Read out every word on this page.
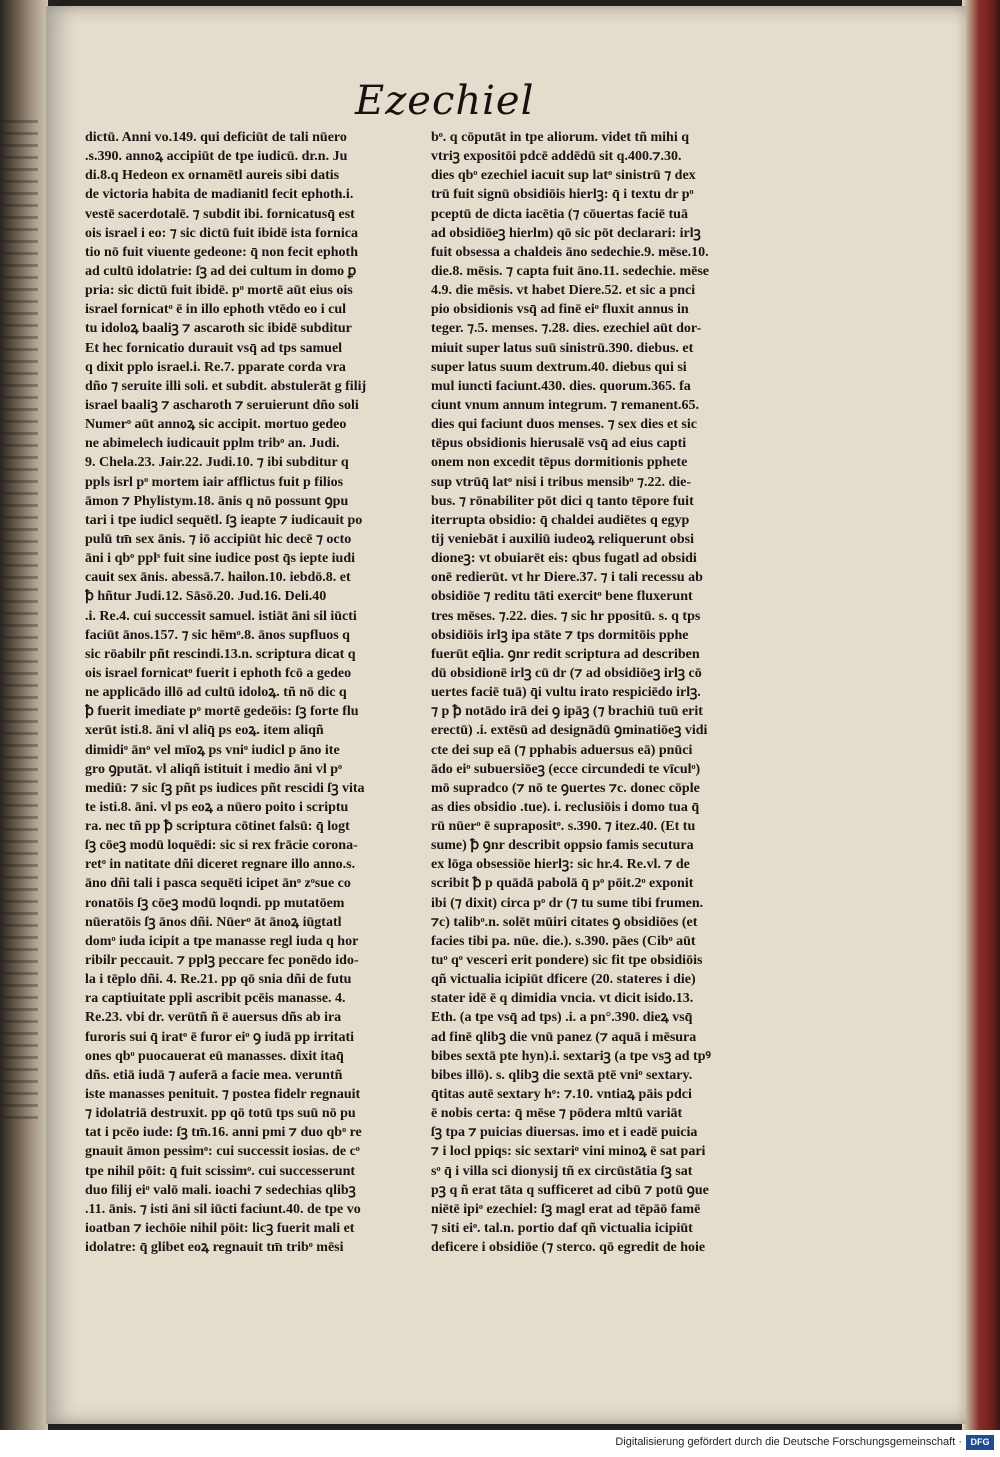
Ezechiel
dictū. Anni vo.149. qui deficiūt de tali nūero
.s.390. annoꝝ accipiūt de tpe iudicū. dr.n. Ju
di.8.q Hedeon ex ornamētl aureis sibi datis
de victoria habita de madianitl fecit ephoth.i.
vestē sacerdotalē. ⁊ subdit ibi. fornicatusq̄ est
ois israel i eo: ⁊ sic dictū fuit ibidē ista fornica
tio nō fuit viuente gedeone: q̄ non fecit ephoth
ad cultū idolatrie: ſꝫ ad dei cultum in domo ꝑ
pria: sic dictū fuit ibidē. pᵒ mortē aūt eius ois
israel fornicatᵒ ē in illo ephoth vtēdo eo i cul
tu idoloꝝ baaliꝫ ⁊ ascaroth sic ibidē subditur
Et hec fornicatio durauit vsq̄ ad tps samuel
q dixit pplo israel.i. Re.7. pparate corda vra
dño ⁊ seruite illi soli. et subdit. abstulerāt g filij
israel baaliꝫ ⁊ ascharoth ⁊ seruierunt dño soli
Numerᵒ aūt annoꝝ sic accipit. mortuo gedeo
ne abimelech iudicauit pplm tribᵒ an. Judi.
9. Chela.23. Jair.22. Judi.10. ⁊ ibi subditur q
ppls isrl pᵒ mortem iair afflictus fuit p filios
āmon ⁊ Phylistym.18. ānis q nō possunt ꝯpu
tari i tpe iudicl sequētl. ſꝫ ieapte ⁊ iudicauit po
pulū tm̄ sex ānis. ⁊ iō accipiūt hic decē ⁊ octo
āni i qbᵒ pplˢ fuit sine iudice post q̄s iepte iudi
cauit sex ānis. abessā.7. hailon.10. iebdō.8. et
ꝥ hñtur Judi.12. Sāsō.20. Jud.16. Deli.40
.i. Re.4. cui successit samuel. istiāt āni sil iūcti
faciūt ānos.157. ⁊ sic hēmᵒ.8. ānos supfluos q
sic rōabilr pñt rescindi.13.n. scriptura dicat q
ois israel fornicatᵒ fuerit i ephoth fcō a gedeo
ne applicādo illō ad cultū idoloꝝ. tñ nō dic q
ꝥ fuerit imediate pᵒ mortē gedeōis: ſꝫ forte flu
xerūt isti.8. āni vl aliq̄ ps eoꝝ. item aliqñ
dimidiᵒ ānᵒ vel mīoꝝ ps vniᵒ iudicl p āno ite
gro ꝯputāt. vl aliqñ istituit i medio āni vl pᵒ
mediū: ⁊ sic ſꝫ pñt ps iudices pñt rescidi ſꝫ vita
te isti.8. āni. vl ps eoꝝ a nūero poito i scriptu
ra. nec tñ pp ꝥ scriptura cōtinet falsū: q̄ logt
ſꝫ cōeꝫ modū loquēdi: sic si rex frācie corona-
retᵒ in natitate dñi diceret regnare illo anno.s.
āno dñi tali i pasca sequēti icipet ānᵒ zᵒsue co
ronatōis ſꝫ cōeꝫ modū loqndi. pp mutatōem
nūeratōis ſꝫ ānos dñi. Nūerᵒ āt ānoꝝ iūgtatl
domᵒ iuda icipit a tpe manasse regl iuda q hor
ribilr peccauit. ⁊ pplꝫ peccare fec ponēdo ido-
la i tēplo dñi. 4. Re.21. pp qō snia dñi de futu
ra captiuitate ppli ascribit pcēis manasse. 4.
Re.23. vbi dr. verūtñ ñ ē auersus dñs ab ira
furoris sui q̄ iratᵒ ē furor eiᵒ ꝯ iudā pp irritati
ones qbᵒ puocauerat eū manasses. dixit itaq̄
dñs. etiā iudā ⁊ auferā a facie mea. veruntñ
iste manasses penituit. ⁊ postea fidelr regnauit
⁊ idolatriā destruxit. pp qō totū tps suū nō pu
tat i pcēo iude: ſꝫ tm̄.16. anni pmi ⁊ duo qbᵒ re
gnauit āmon pessimᵒ: cui successit iosias. de cᵒ
tpe nihil pōit: q̄ fuit scissimᵒ. cui successerunt
duo filij eiᵒ valō mali. ioachi ⁊ sedechias qlibꝫ
.11. ānis. ⁊ isti āni sil iūcti faciunt.40. de tpe vo
ioatban ⁊ iechōie nihil pōit: licꝫ fuerit mali et
idolatre: q̄ glibet eoꝝ regnauit tm̄ tribᵒ mēsi
bᵒ. q cōputāt in tpe aliorum. videt tñ mihi q
vtriꝫ expositōi pdcē addēdū sit q.400.⁊.30.
dies qbᵒ ezechiel iacuit sup latᵒ sinistrū ⁊ dex
trū fuit signū obsidiōis hierlꝫ: q̄ i textu dr pᵒ
pceptū de dicta iacētia (⁊ cōuertas faciē tuā
ad obsidiōeꝫ hierlm) qō sic pōt declarari: irlꝫ
fuit obsessa a chaldeis āno sedechie.9. mēse.10.
die.8. mēsis. ⁊ capta fuit āno.11. sedechie. mēse
4.9. die mēsis. vt habet Diere.52. et sic a pnci
pio obsidionis vsq̄ ad finē eiᵒ fluxit annus in
teger. ⁊.5. menses. ⁊.28. dies. ezechiel aūt dor-
miuit super latus suū sinistrū.390. diebus. et
super latus suum dextrum.40. diebus qui si
mul iuncti faciunt.430. dies. quorum.365. fa
ciunt vnum annum integrum. ⁊ remanent.65.
dies qui faciunt duos menses. ⁊ sex dies et sic
tēpus obsidionis hierusalē vsq̄ ad eius capti
onem non excedit tēpus dormitionis pphete
sup vtrūq̄ latᵒ nisi i tribus mensibᵒ ⁊.22. die-
bus. ⁊ rōnabiliter pōt dici q tanto tēpore fuit
iterrupta obsidio: q̄ chaldei audiētes q egyp
tij veniebāt i auxiliū iudeoꝝ reliquerunt obsi
dioneꝫ: vt obuiarēt eis: qbus fugatl ad obsidi
onē redierūt. vt hr Diere.37. ⁊ i tali recessu ab
obsidiōe ⁊ reditu tāti exercitᵒ bene fluxerunt
tres mēses. ⁊.22. dies. ⁊ sic hr ppositū. s. q tps
obsidiōis irlꝫ ipa stāte ⁊ tps dormitōis pphe
fuerūt eq̄lia. ꝯnr redit scriptura ad describen
dū obsidionē irlꝫ cū dr (⁊ ad obsidiōeꝫ irlꝫ cō
uertes faciē tuā) q̄i vultu irato respiciēdo irlꝫ.
⁊ p ꝥ notādo irā dei ꝯ ipāꝫ (⁊ brachiū tuū erit
erectū) .i. extēsū ad designādū ꝯminatiōeꝫ vidi
cte dei sup eā (⁊ pphabis aduersus eā) pnūci
ādo eiᵒ subuersiōeꝫ (ecce circundedi te vīculᵒ)
mō supradco (⁊ nō te ꝯuertes ⁊c. donec cōple
as dies obsidio .tue). i. reclusiōis i domo tua q̄
rū nūerᵒ ē suprapositᵒ. s.390. ⁊ itez.40. (Et tu
sume) ꝥ ꝯnr describit oppsio famis secutura
ex lōga obsessiōe hierlꝫ: sic hr.4. Re.vl. ⁊ de
scribit ꝥ p quādā pabolā q̄ pᵒ pōit.2ᵒ exponit
ibi (⁊ dixit) circa pᵒ dr (⁊ tu sume tibi frumen.
⁊c) talibᵒ.n. solēt mūiri citates ꝯ obsidiōes (et
facies tibi pa. nūe. die.). s.390. pāes (Cibᵒ aūt
tuᵒ qᵒ vesceri erit pondere) sic fit tpe obsidiōis
qñ victualia icipiūt dficere (20. stateres i die)
stater idē ē q dimidia vncia. vt dicit isido.13.
Eth. (a tpe vsq̄ ad tps) .i. a pn°.390. dieꝝ vsq̄
ad finē qlibꝫ die vnū panez (⁊ aquā i mēsura
bibes sextā pte hyn).i. sextariꝫ (a tpe vsꝫ ad tpꝰ
bibes illō). s. qlibꝫ die sextā ptē vniᵒ sextary.
q̄titas autē sextary hᵒ: ⁊.10. vntiaꝝ pāis pdci
ē nobis certa: q̄ mēse ⁊ pōdera mltū variāt
ſꝫ tpa ⁊ puicias diuersas. imo et i eadē puicia
⁊ i locl ppiqs: sic sextariᵒ vini minoꝝ ē sat pari
sᵒ q̄ i villa sci dionysij tñ ex circūstātia ſꝫ sat
pꝫ q ñ erat tāta q sufficeret ad cibū ⁊ potū ꝯue
niētē ipiᵒ ezechiel: ſꝫ magl erat ad tēpāō famē
⁊ siti eiᵒ. tal.n. portio daf qñ victualia icipiūt
deficere i obsidiōe (⁊ sterco. qō egredit de hoie
Digitalisierung gefördert durch die Deutsche Forschungsgemeinschaft · DFG
